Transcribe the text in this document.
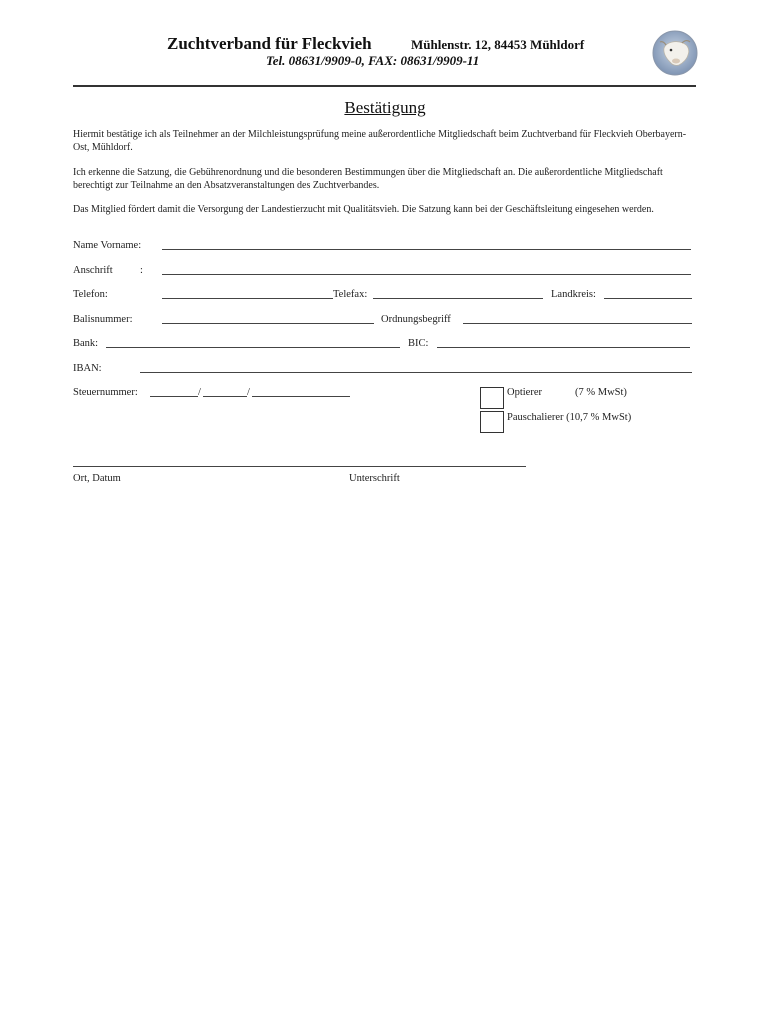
Zuchtverband für Fleckvieh	Mühlenstr. 12, 84453 Mühldorf
Tel. 08631/9909-0, FAX: 08631/9909-11
Bestätigung
Hiermit bestätige ich als Teilnehmer an der Milchleistungsprüfung meine außerordentliche Mitgliedschaft beim Zuchtverband für Fleckvieh Oberbayern-Ost, Mühldorf.
Ich erkenne die Satzung, die Gebührenordnung und die besonderen Bestimmungen über die Mitgliedschaft an. Die außerordentliche Mitgliedschaft berechtigt zur Teilnahme an den Absatzveranstaltungen des Zuchtverbandes.
Das Mitglied fördert damit die Versorgung der Landestierzucht mit Qualitätsvieh. Die Satzung kann bei der Geschäftsleitung eingesehen werden.
Name Vorname:
Anschrift	:
Telefon:	Telefax:	Landkreis:
Balisnummer:	Ordnungsbegriff
Bank:	BIC:
IBAN:
Steuernummer:	/	/	Optierer	(7 % MwSt)
Pauschalierer (10,7 % MwSt)
Ort, Datum	Unterschrift
